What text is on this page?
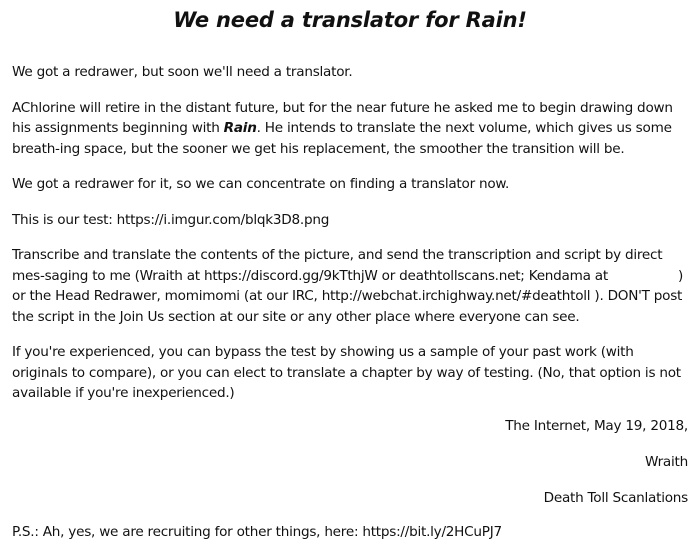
We need a translator for Rain!

We got a redrawer, but soon we'll need a translator.

AChlorine will retire in the distant future, but for the near future he asked me to begin drawing down his assignments beginning with Rain. He intends to translate the next volume, which gives us some breath-ing space, but the sooner we get his replacement, the smoother the transition will be.

We got a redrawer for it, so we can concentrate on finding a translator now.

This is our test: https://i.imgur.com/blqk3D8.png

Transcribe and translate the contents of the picture, and send the transcription and script by direct mes-saging to me (Wraith at https://discord.gg/9kTthjW or deathtollscans.net; Kendama at	) or the Head Redrawer, momimomi (at our IRC, http://webchat.irchighway.net/#deathtoll ). DON'T post the script in the Join Us section at our site or any other place where everyone can see.

If you're experienced, you can bypass the test by showing us a sample of your past work (with originals to compare), or you can elect to translate a chapter by way of testing. (No, that option is not available if you're inexperienced.)

The Internet, May 19, 2018,

Wraith

Death Toll Scanlations

P.S.: Ah, yes, we are recruiting for other things, here: https://bit.ly/2HCuPJ7
